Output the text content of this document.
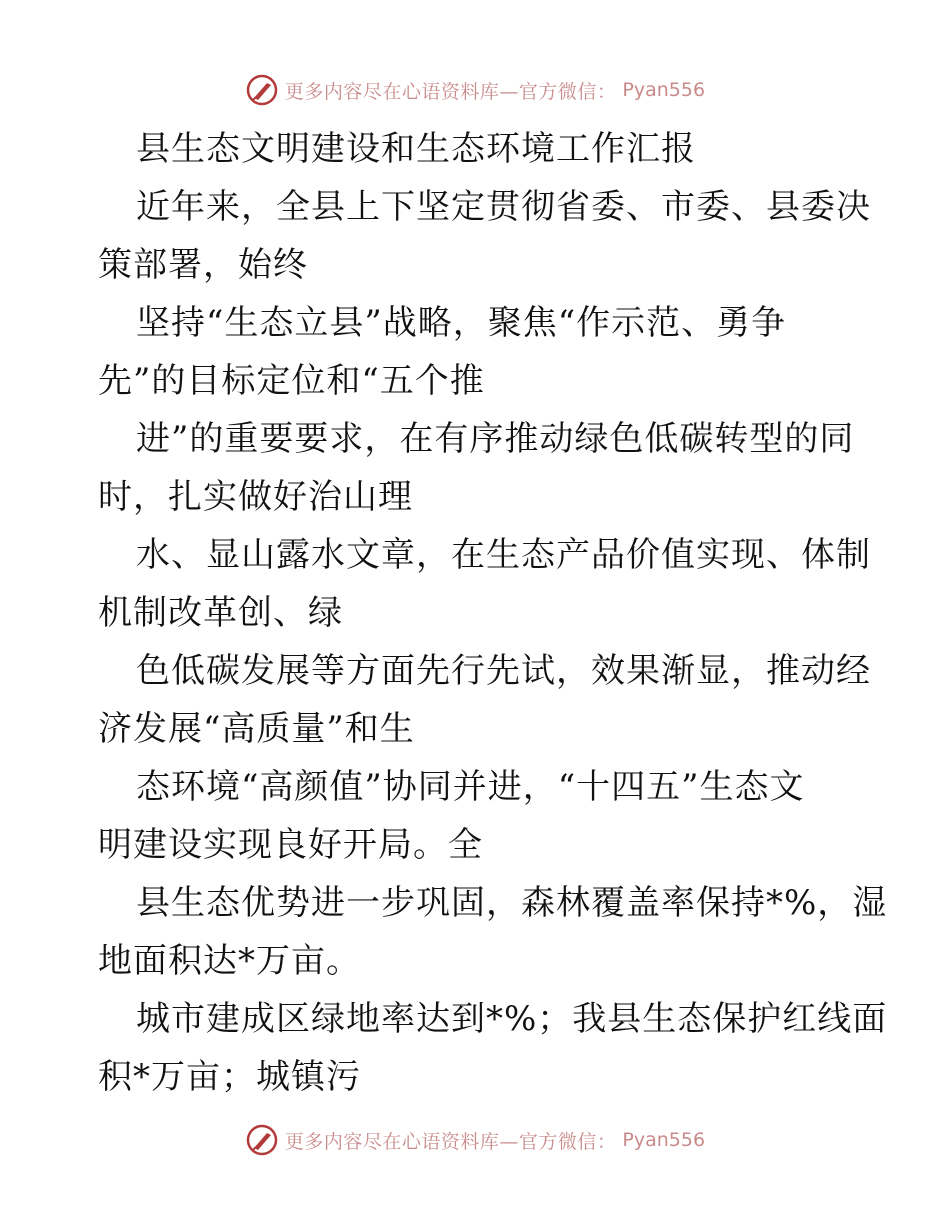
更多内容尽在心语资料库—官方微信： Pyan556
县生态文明建设和生态环境工作汇报
近年来，全县上下坚定贯彻省委、市委、县委决
策部署，始终
坚持“生态立县”战略，聚焦“作示范、勇争
先”的目标定位和“五个推
进”的重要要求，在有序推动绿色低碳转型的同
时，扎实做好治山理
水、显山露水文章，在生态产品价值实现、体制
机制改革创、绿
色低碳发展等方面先行先试，效果渐显，推动经
济发展“高质量”和生
态环境“高颜值”协同并进，“十四五”生态文
明建设实现良好开局。全
县生态优势进一步巩固，森林覆盖率保持*%，湿
地面积达*万亩。
城市建成区绿地率达到*%；我县生态保护红线面
积*万亩；城镇污
更多内容尽在心语资料库—官方微信： Pyan556
